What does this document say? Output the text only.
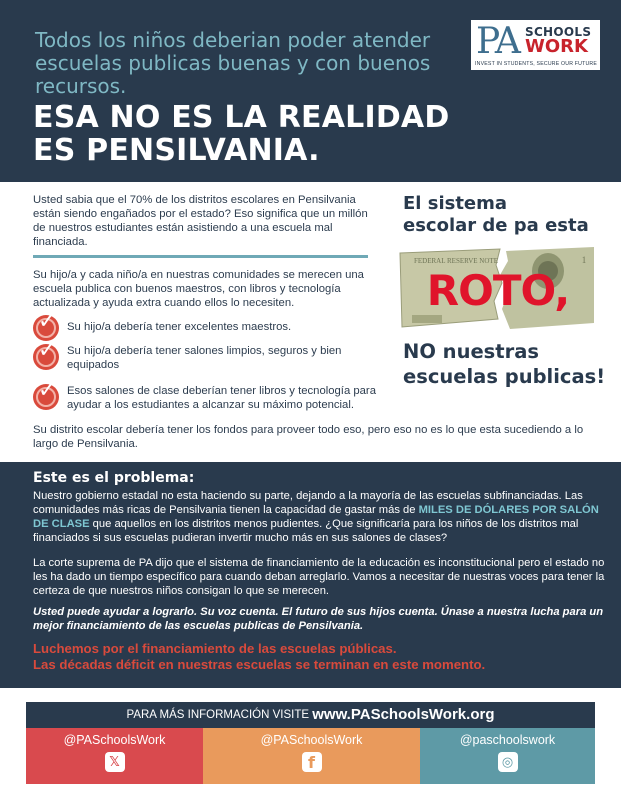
Todos los niños deberian poder atender escuelas publicas buenas y con buenos recursos.
ESA NO ES LA REALIDAD
ES PENSILVANIA.
PA SCHOOLS
WORK
INVEST IN STUDENTS, SECURE OUR FUTURE
Usted sabia que el 70% de los distritos escolares en Pensilvania están siendo engañados por el estado? Eso significa que un millón de nuestros estudiantes están asistiendo a una escuela mal financiada.
Su hijo/a y cada niño/a en nuestras comunidades se merecen una escuela publica con buenos maestros, con libros y tecnología actualizada y ayuda extra cuando ellos lo necesiten.
✓ Su hijo/a debería tener excelentes maestros.
✓ Su hijo/a debería tener salones limpios, seguros y bien equipados
✓ Esos salones de clase deberían tener libros y tecnología para ayudar a los estudiantes a alcanzar su máximo potencial.
Su distrito escolar debería tener los fondos para proveer todo eso, pero eso no es lo que esta sucediendo a lo largo de Pensilvania.
El sistema
escolar de pa esta
FEDERAL RESERVE NOTE	1
ROTO,
NO nuestras
escuelas publicas!
Este es el problema:
Nuestro gobierno estadal no esta haciendo su parte, dejando a la mayoría de las escuelas subfinanciadas. Las comunidades más ricas de Pensilvania tienen la capacidad de gastar más de MILES DE DÓLARES POR SALÓN DE CLASE que aquellos en los distritos menos pudientes. ¿Que significaría para los niños de los distritos mal financiados si sus escuelas pudieran invertir mucho más en sus salones de clases?
La corte suprema de PA dijo que el sistema de financiamiento de la educación es inconstitucional pero el estado no les ha dado un tiempo específico para cuando deban arreglarlo. Vamos a necesitar de nuestras voces para tener la certeza de que nuestros niños consigan lo que se merecen.
Usted puede ayudar a lograrlo. Su voz cuenta. El futuro de sus hijos cuenta. Únase a nuestra lucha para un mejor financiamiento de las escuelas publicas de Pensilvania.
Luchemos por el financiamiento de las escuelas públicas.
Las décadas déficit en nuestras escuelas se terminan en este momento.
PARA MÁS INFORMACIÓN VISITE www.PASchoolsWork.org
@PASchoolsWork
𝕏
@PASchoolsWork
f
@paschoolswork
◎
